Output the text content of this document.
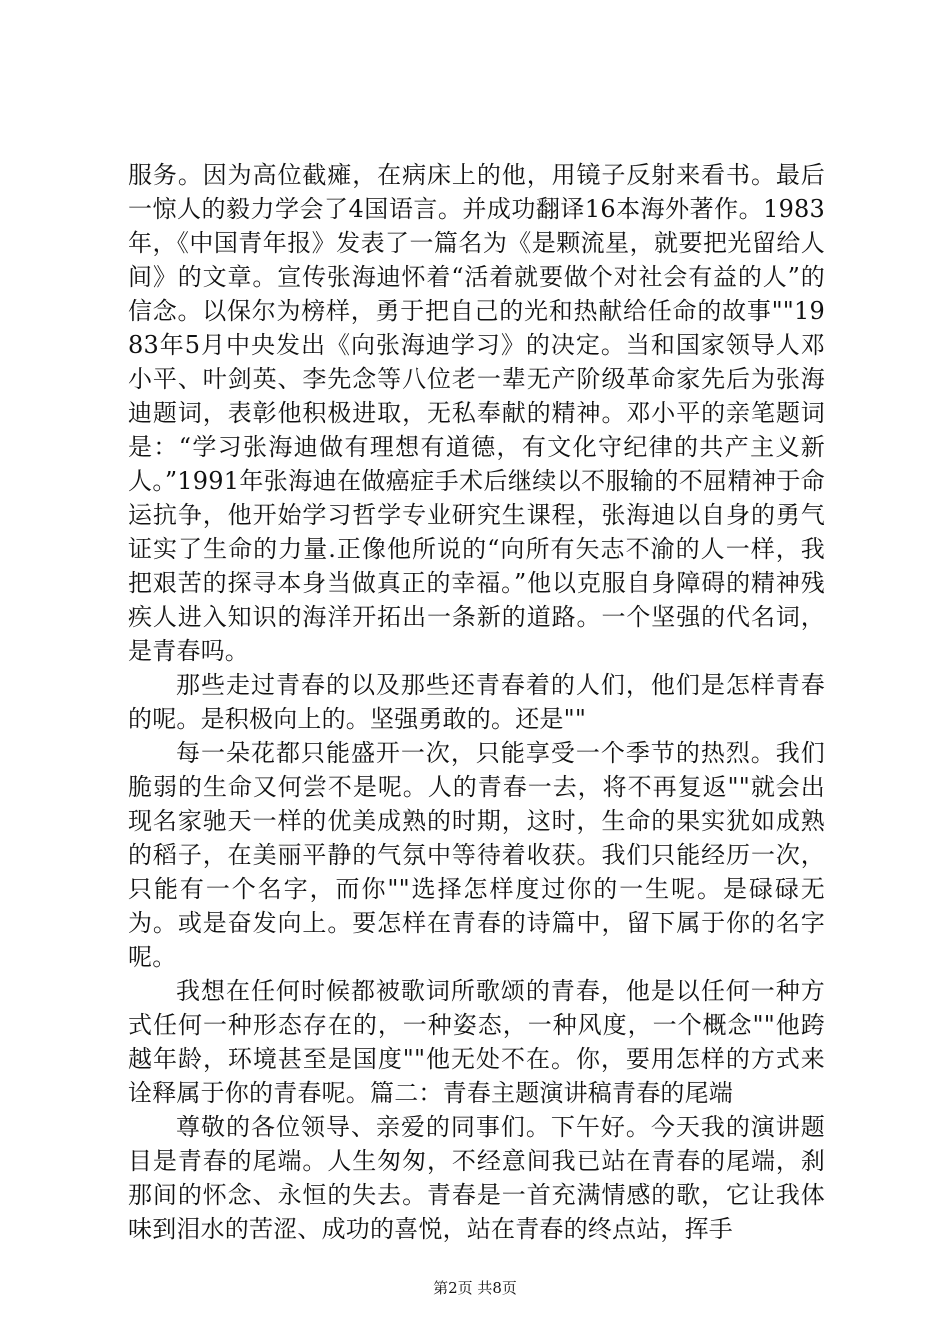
服务。因为高位截瘫，在病床上的他，用镜子反射来看书。最后一惊人的毅力学会了4国语言。并成功翻译16本海外著作。1983年，《中国青年报》发表了一篇名为《是颗流星，就要把光留给人间》的文章。宣传张海迪怀着“活着就要做个对社会有益的人”的信念。以保尔为榜样，勇于把自己的光和热献给任命的故事""1983年5月中央发出《向张海迪学习》的决定。当和国家领导人邓小平、叶剑英、李先念等八位老一辈无产阶级革命家先后为张海迪题词，表彰他积极进取，无私奉献的精神。邓小平的亲笔题词是：“学习张海迪做有理想有道德，有文化守纪律的共产主义新人。”1991年张海迪在做癌症手术后继续以不服输的不屈精神于命运抗争，他开始学习哲学专业研究生课程，张海迪以自身的勇气证实了生命的力量.正像他所说的“向所有矢志不渝的人一样，我把艰苦的探寻本身当做真正的幸福。”他以克服自身障碍的精神残疾人进入知识的海洋开拓出一条新的道路。一个坚强的代名词，是青春吗。

那些走过青春的以及那些还青春着的人们，他们是怎样青春的呢。是积极向上的。坚强勇敢的。还是""

每一朵花都只能盛开一次，只能享受一个季节的热烈。我们脆弱的生命又何尝不是呢。人的青春一去，将不再复返""就会出现名家驰天一样的优美成熟的时期，这时，生命的果实犹如成熟的稻子，在美丽平静的气氛中等待着收获。我们只能经历一次，只能有一个名字，而你""选择怎样度过你的一生呢。是碌碌无为。或是奋发向上。要怎样在青春的诗篇中，留下属于你的名字呢。

我想在任何时候都被歌词所歌颂的青春，他是以任何一种方式任何一种形态存在的，一种姿态，一种风度，一个概念""他跨越年龄，环境甚至是国度""他无处不在。你，要用怎样的方式来诠释属于你的青春呢。篇二：青春主题演讲稿青春的尾端

尊敬的各位领导、亲爱的同事们。下午好。今天我的演讲题目是青春的尾端。人生匆匆，不经意间我已站在青春的尾端，刹那间的怀念、永恒的失去。青春是一首充满情感的歌，它让我体味到泪水的苦涩、成功的喜悦，站在青春的终点站，挥手

第2页 共8页
